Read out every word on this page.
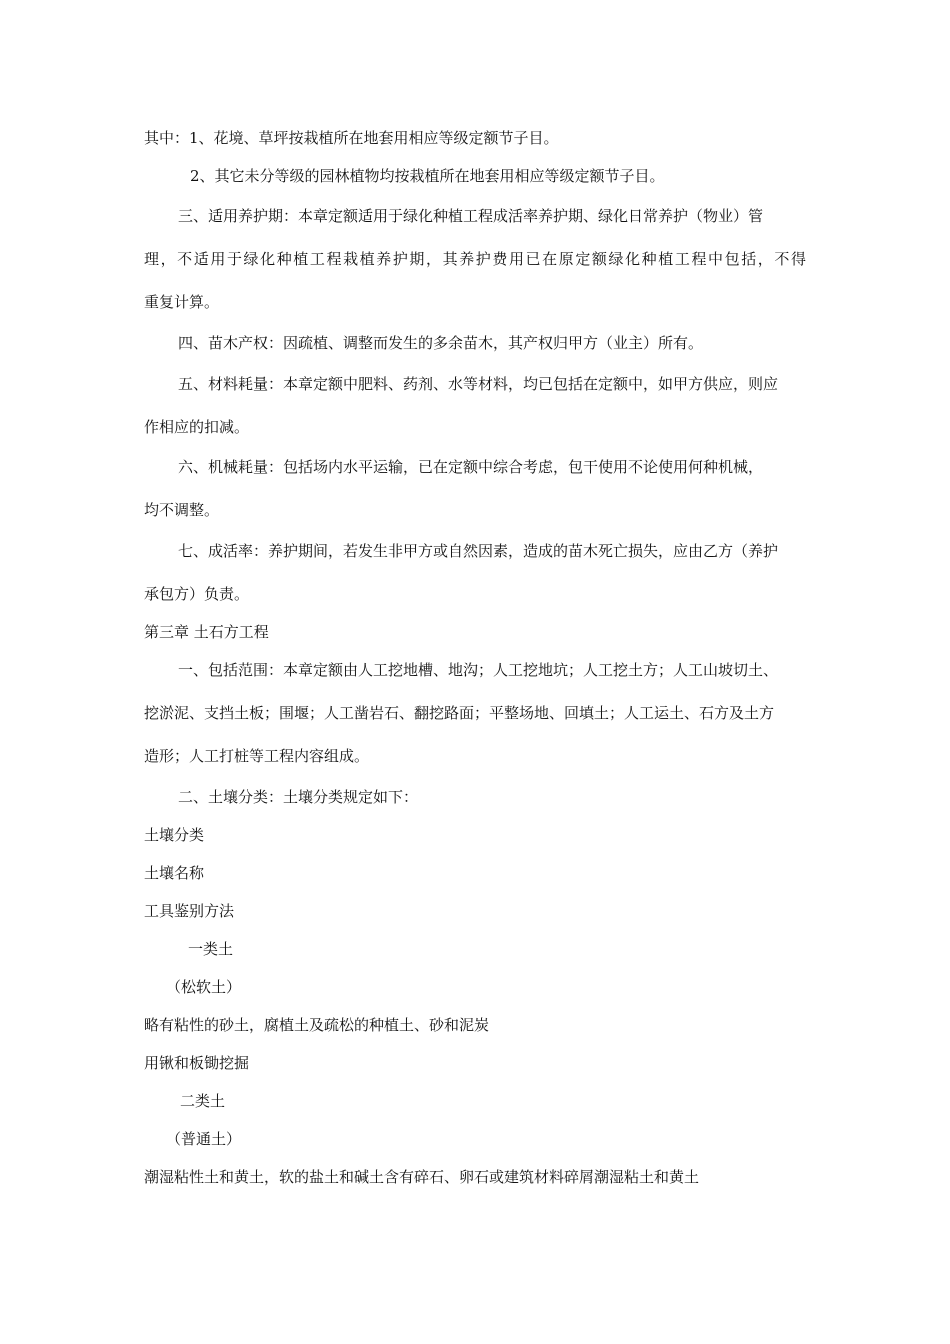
其中：1、花境、草坪按栽植所在地套用相应等级定额节子目。
2、其它未分等级的园林植物均按栽植所在地套用相应等级定额节子目。
三、适用养护期：本章定额适用于绿化种植工程成活率养护期、绿化日常养护（物业）管
理，不适用于绿化种植工程栽植养护期，其养护费用已在原定额绿化种植工程中包括，不得
重复计算。
四、苗木产权：因疏植、调整而发生的多余苗木，其产权归甲方（业主）所有。
五、材料耗量：本章定额中肥料、药剂、水等材料，均已包括在定额中，如甲方供应，则应
作相应的扣减。
六、机械耗量：包括场内水平运输，已在定额中综合考虑，包干使用不论使用何种机械，
均不调整。
七、成活率：养护期间，若发生非甲方或自然因素，造成的苗木死亡损失，应由乙方（养护
承包方）负责。
第三章 土石方工程
一、包括范围：本章定额由人工挖地槽、地沟；人工挖地坑；人工挖土方；人工山坡切土、
挖淤泥、支挡土板；围堰；人工凿岩石、翻挖路面；平整场地、回填土；人工运土、石方及土方
造形；人工打桩等工程内容组成。
二、土壤分类：土壤分类规定如下：
土壤分类
土壤名称
工具鉴别方法
一类土
（松软土）
略有粘性的砂土，腐植土及疏松的种植土、砂和泥炭
用锹和板锄挖掘
二类土
（普通土）
潮湿粘性土和黄土，软的盐土和碱土含有碎石、卵石或建筑材料碎屑潮湿粘土和黄土
